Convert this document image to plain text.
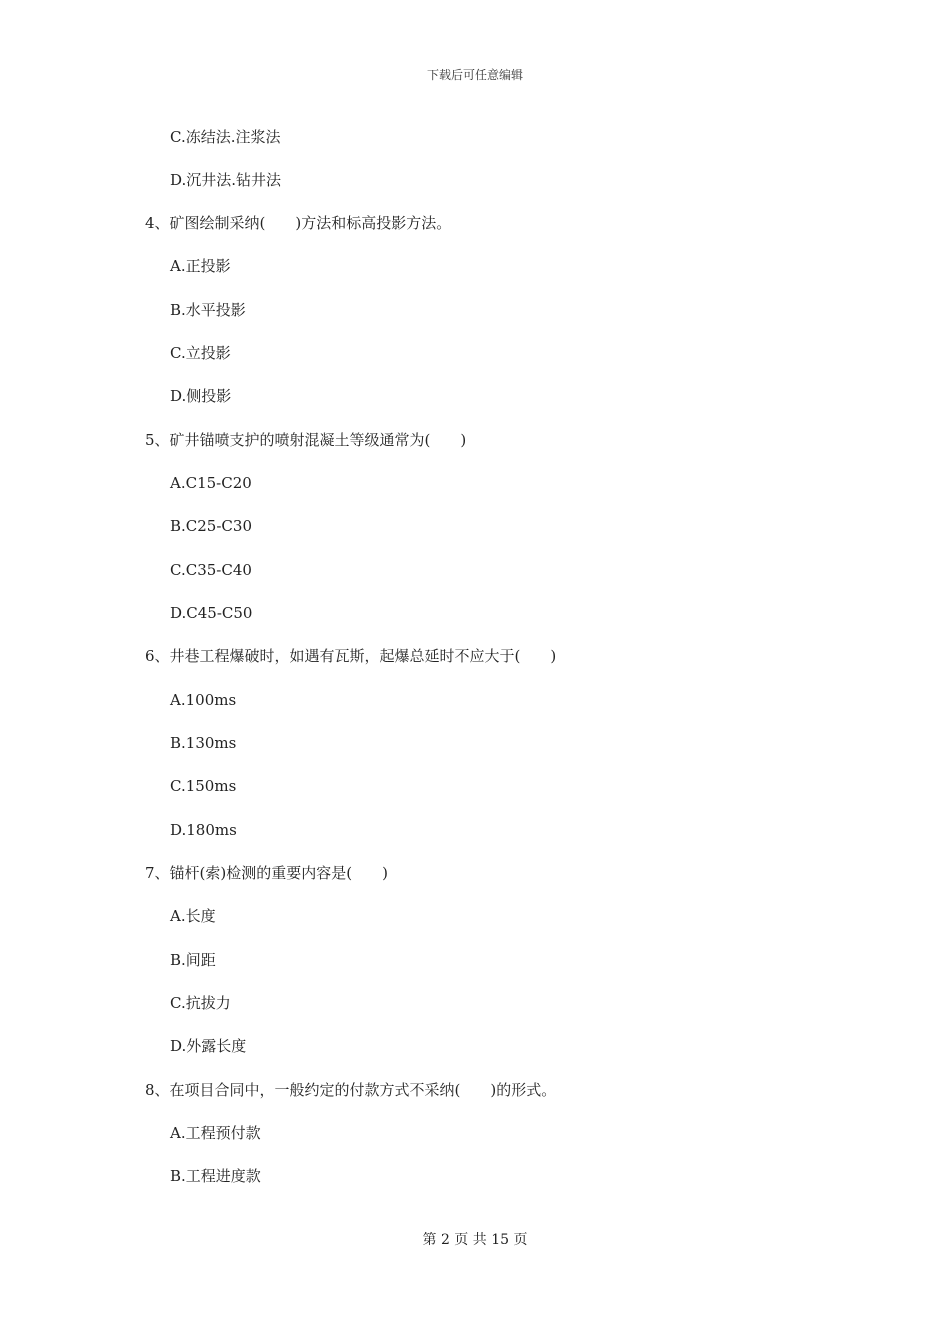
下载后可任意编辑
C.冻结法.注浆法
D.沉井法.钻井法
4、矿图绘制采纳(　　)方法和标高投影方法。
A.正投影
B.水平投影
C.立投影
D.侧投影
5、矿井锚喷支护的喷射混凝土等级通常为(　　)
A.C15-C20
B.C25-C30
C.C35-C40
D.C45-C50
6、井巷工程爆破时，如遇有瓦斯，起爆总延时不应大于(　　)
A.100ms
B.130ms
C.150ms
D.180ms
7、锚杆(索)检测的重要内容是(　　)
A.长度
B.间距
C.抗拔力
D.外露长度
8、在项目合同中，一般约定的付款方式不采纳(　　)的形式。
A.工程预付款
B.工程进度款
第 2 页 共 15 页
